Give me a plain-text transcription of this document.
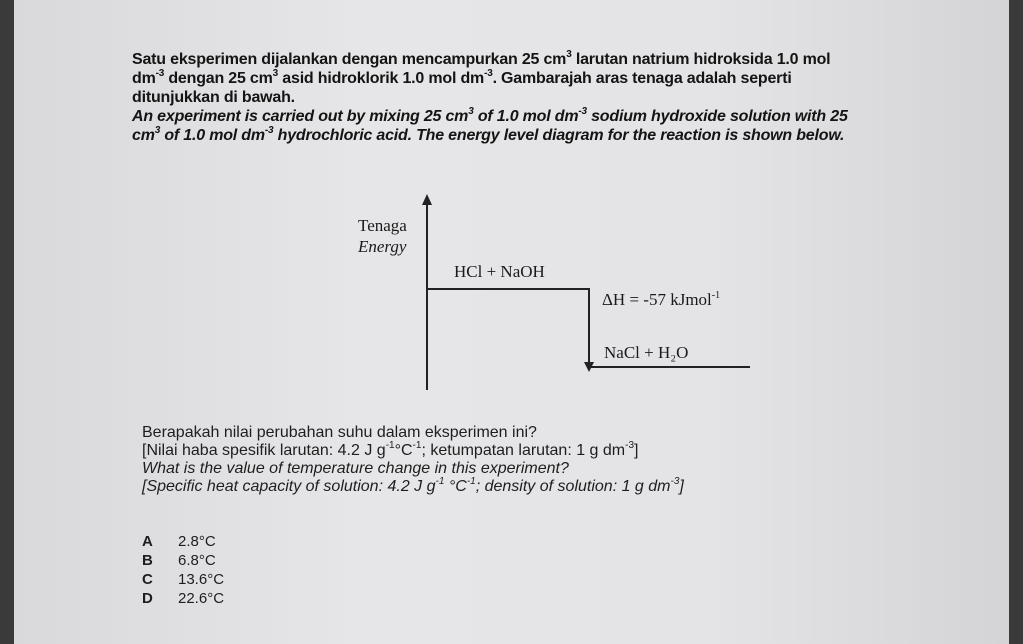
Satu eksperimen dijalankan dengan mencampurkan 25 $cm^3$ larutan natrium hidroksida 1.0 mol
$dm^{-3}$ dengan 25 $cm^3$ asid hidroklorik 1.0 mol $dm^{-3}$. Gambarajah aras tenaga adalah seperti
ditunjukkan di bawah.
An experiment is carried out by mixing 25 $cm^3$ of 1.0 mol $dm^{-3}$ sodium hydroxide solution with 25
$cm^3$ of 1.0 mol $dm^{-3}$ hydrochloric acid. The energy level diagram for the reaction is shown below.
Tenaga
Energy
HCl + NaOH
ΔH = -57 kJmol$^{-1}$
NaCl + H₂O
Berapakah nilai perubahan suhu dalam eksperimen ini?
[Nilai haba spesifik larutan: 4.2 J $g^{-1}^\circ C^{-1}$; ketumpatan larutan: 1 g $dm^{-3}$]
What is the value of temperature change in this experiment?
[Specific heat capacity of solution: 4.2 J $g^{-1}$ $^\circ C^{-1}$; density of solution: 1 g $dm^{-3}$]
A	2.8°C
B	6.8°C
C	13.6°C
D	22.6°C
